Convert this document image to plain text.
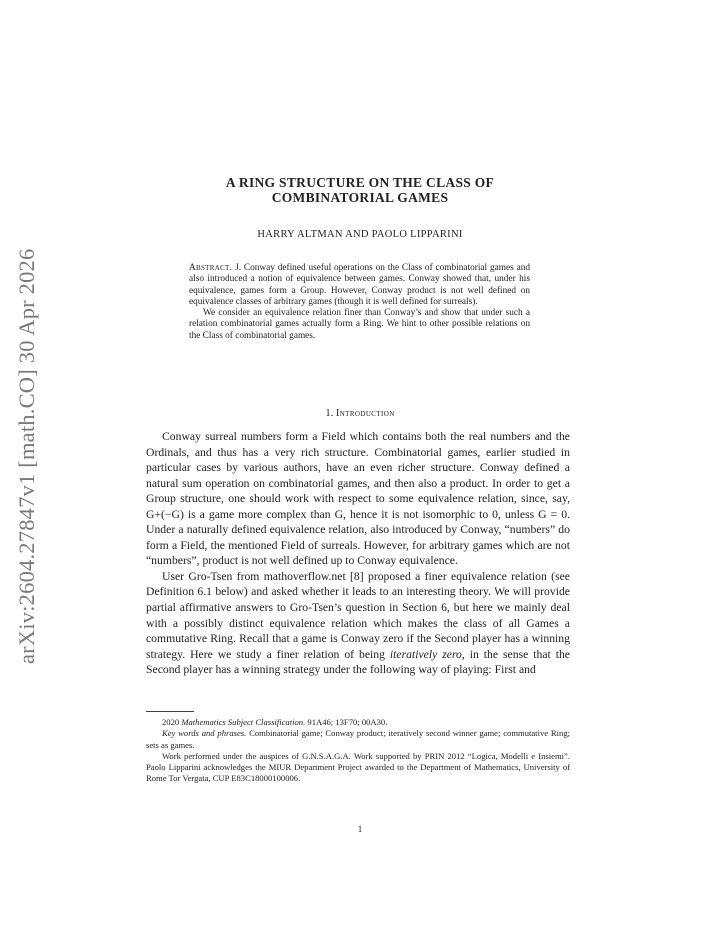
arXiv:2604.27847v1 [math.CO] 30 Apr 2026
A RING STRUCTURE ON THE CLASS OF
COMBINATORIAL GAMES
HARRY ALTMAN AND PAOLO LIPPARINI

Abstract. J. Conway defined useful operations on the Class of combinatorial games and also introduced a notion of equivalence between games. Conway showed that, under his equivalence, games form a Group. However, Conway product is not well defined on equivalence classes of arbitrary games (though it is well defined for surreals).

We consider an equivalence relation finer than Conway’s and show that under such a relation combinatorial games actually form a Ring. We hint to other possible relations on the Class of combinatorial games.

1. Introduction

Conway surreal numbers form a Field which contains both the real numbers and the Ordinals, and thus has a very rich structure. Combinatorial games, earlier studied in particular cases by various authors, have an even richer structure. Conway defined a natural sum operation on combinatorial games, and then also a product. In order to get a Group structure, one should work with respect to some equivalence relation, since, say, G+(−G) is a game more complex than G, hence it is not isomorphic to 0, unless G = 0. Under a naturally defined equivalence relation, also introduced by Conway, “numbers” do form a Field, the mentioned Field of surreals. However, for arbitrary games which are not “numbers”, product is not well defined up to Conway equivalence.

User Gro-Tsen from mathoverflow.net [8] proposed a finer equivalence relation (see Definition 6.1 below) and asked whether it leads to an interesting theory. We will provide partial affirmative answers to Gro-Tsen’s question in Section 6, but here we mainly deal with a possibly distinct equivalence relation which makes the class of all Games a commutative Ring. Recall that a game is Conway zero if the Second player has a winning strategy. Here we study a finer relation of being iteratively zero, in the sense that the Second player has a winning strategy under the following way of playing: First and

2020 Mathematics Subject Classification. 91A46; 13F70; 00A30.

Key words and phrases. Combinatorial game; Conway product; iteratively second winner game; commutative Ring; sets as games.

Work performed under the auspices of G.N.S.A.G.A. Work supported by PRIN 2012 “Logica, Modelli e Insiemi”. Paolo Lipparini acknowledges the MIUR Department Project awarded to the Department of Mathematics, University of Rome Tor Vergata, CUP E83C18000100006.

1
